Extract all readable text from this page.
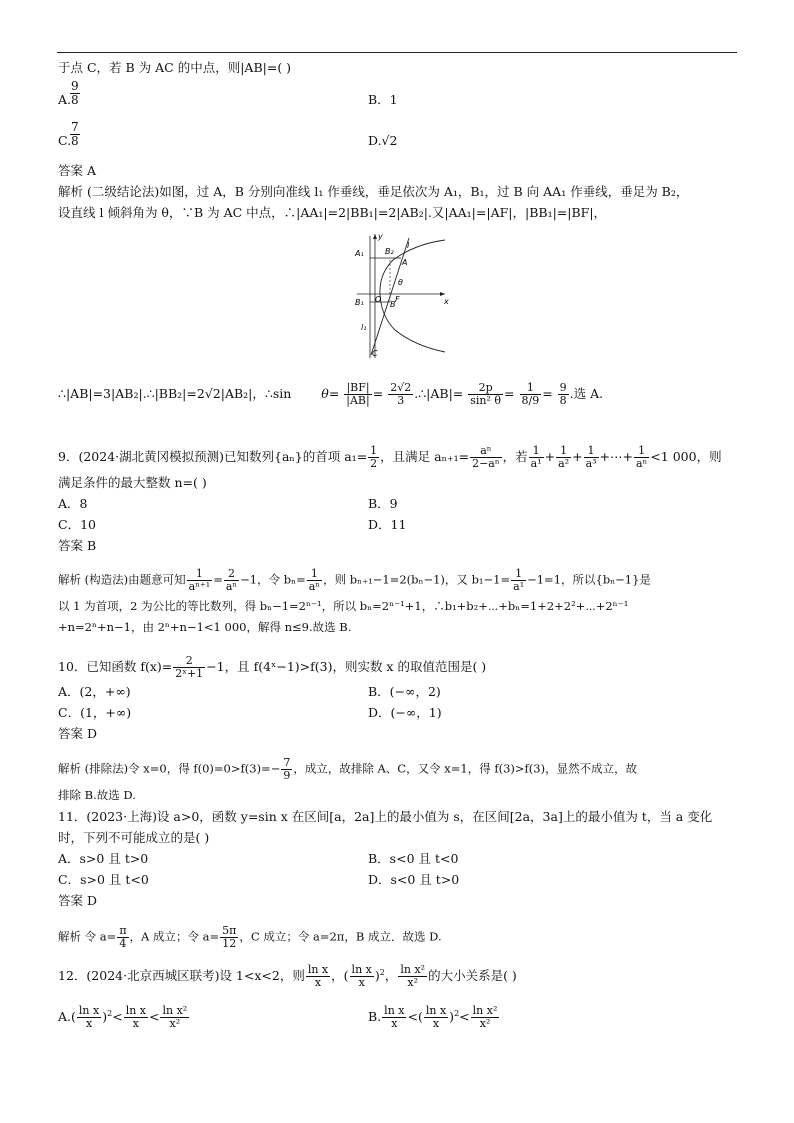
于点 C，若 B 为 AC 的中点，则|AB|=( )
A.
$\frac{9}{8}$	B．1
C.
$\frac{7}{8}$	D.√2
答案 A
解析 (二级结论法)如图，过 A，B 分别向准线 l₁ 作垂线，垂足依次为 A₁，B₁，过 B 向 AA₁ 作垂线，垂足为 B₂，
设直线 l 倾斜角为 θ，∵B 为 AC 中点，∴|AA₁|=2|BB₁|=2|AB₂|.又|AA₁|=|AF|，|BB₁|=|BF|，
y
x
A₁
B₁
B₂
A
B
O F
l
l₁
C
θ
∴|AB|=3|AB₂|.∴|BB₂|=2√2|AB₂|，∴sin $\theta= \frac{|BF|}{|AB|} = \frac{2√2}{3}$ .∴|AB|= $\frac{2p}{\text{sin² θ}} = \frac{1}{8/9} = \frac{9}{8}$ .选 A.
9．(2024·湖北黄冈模拟预测)已知数列{aₙ}的首项 $a_1= \frac{1}{2}$ ，且满足 $a_{n+1}= \frac{\text{aⁿ}}{\text{2−aⁿ}}$ ，若 $\frac{1}{\text{a¹}} + \frac{1}{\text{a²}} + \frac{1}{\text{a³}}$ +⋯+ $\frac{1}{\text{aⁿ}} <1$ 000，则
满足条件的最大整数 n=( )
A．8	B．9
C．10	D．11
答案 B
解析 (构造法)由题意可知 $\frac{1}{\text{aⁿ⁺¹}} = \frac{2}{\text{aⁿ}} -1$，令 $b_n= \frac{1}{\text{aⁿ}}$ ，则 bₙ₊₁−1=2(bₙ−1)，又 $b_1-1= \frac{1}{\text{a¹}} -1=1$，所以{bₙ−1}是
以 1 为首项，2 为公比的等比数列，得 bₙ−1=2ⁿ⁻¹，所以 bₙ=2ⁿ⁻¹+1，∴b₁+b₂+⋯+bₙ=1+2+2²+⋯+2ⁿ⁻¹
+n=2ⁿ+n−1，由 2ⁿ+n−1<1 000，解得 n≤9.故选 B.
10．已知函数 $f(x)= \frac{2}{\text{2ˣ+1}} -1$，且 f(4ˣ−1)>f(3)，则实数 x 的取值范围是( )
A．(2，+∞)	B．(−∞，2)
C．(1，+∞)	D．(−∞，1)
答案 D
解析 (排除法)令 x=0，得 $f(0)=0>f(3)=- \frac{7}{9}$ ，成立，故排除 A、C，又令 x=1，得 f(3)>f(3)，显然不成立，故
排除 B.故选 D.
11．(2023·上海)设 a>0，函数 y=sin x 在区间[a，2a]上的最小值为 s，在区间[2a，3a]上的最小值为 t，当 a 变化
时，下列不可能成立的是( )
A．s>0 且 t>0	B．s<0 且 t<0
C．s>0 且 t<0	D．s<0 且 t>0
答案 D
解析 令 $a= \frac{\pi}{4}$ ，A 成立；令 $a= \frac{5\pi}{12}$ ，C 成立；令 a=2π，B 成立．故选 D.
12．(2024·北京西城区联考)设 1<x<2，则 $\frac{\text{ln x}}{x}$ ，( $\frac{\text{ln x}}{x} )^2$， $\frac{\text{ln x²}}{\text{x²}}$ 的大小关系是( )
$A.( \frac{\text{ln x}}{x} )^2< \frac{\text{ln x}}{x} < \frac{\text{ln x²}}{\text{x²}}$	B. $\frac{\text{ln x}}{x}$ <( $\frac{\text{ln x}}{x} )^2< \frac{\text{ln x²}}{\text{x²}}$
